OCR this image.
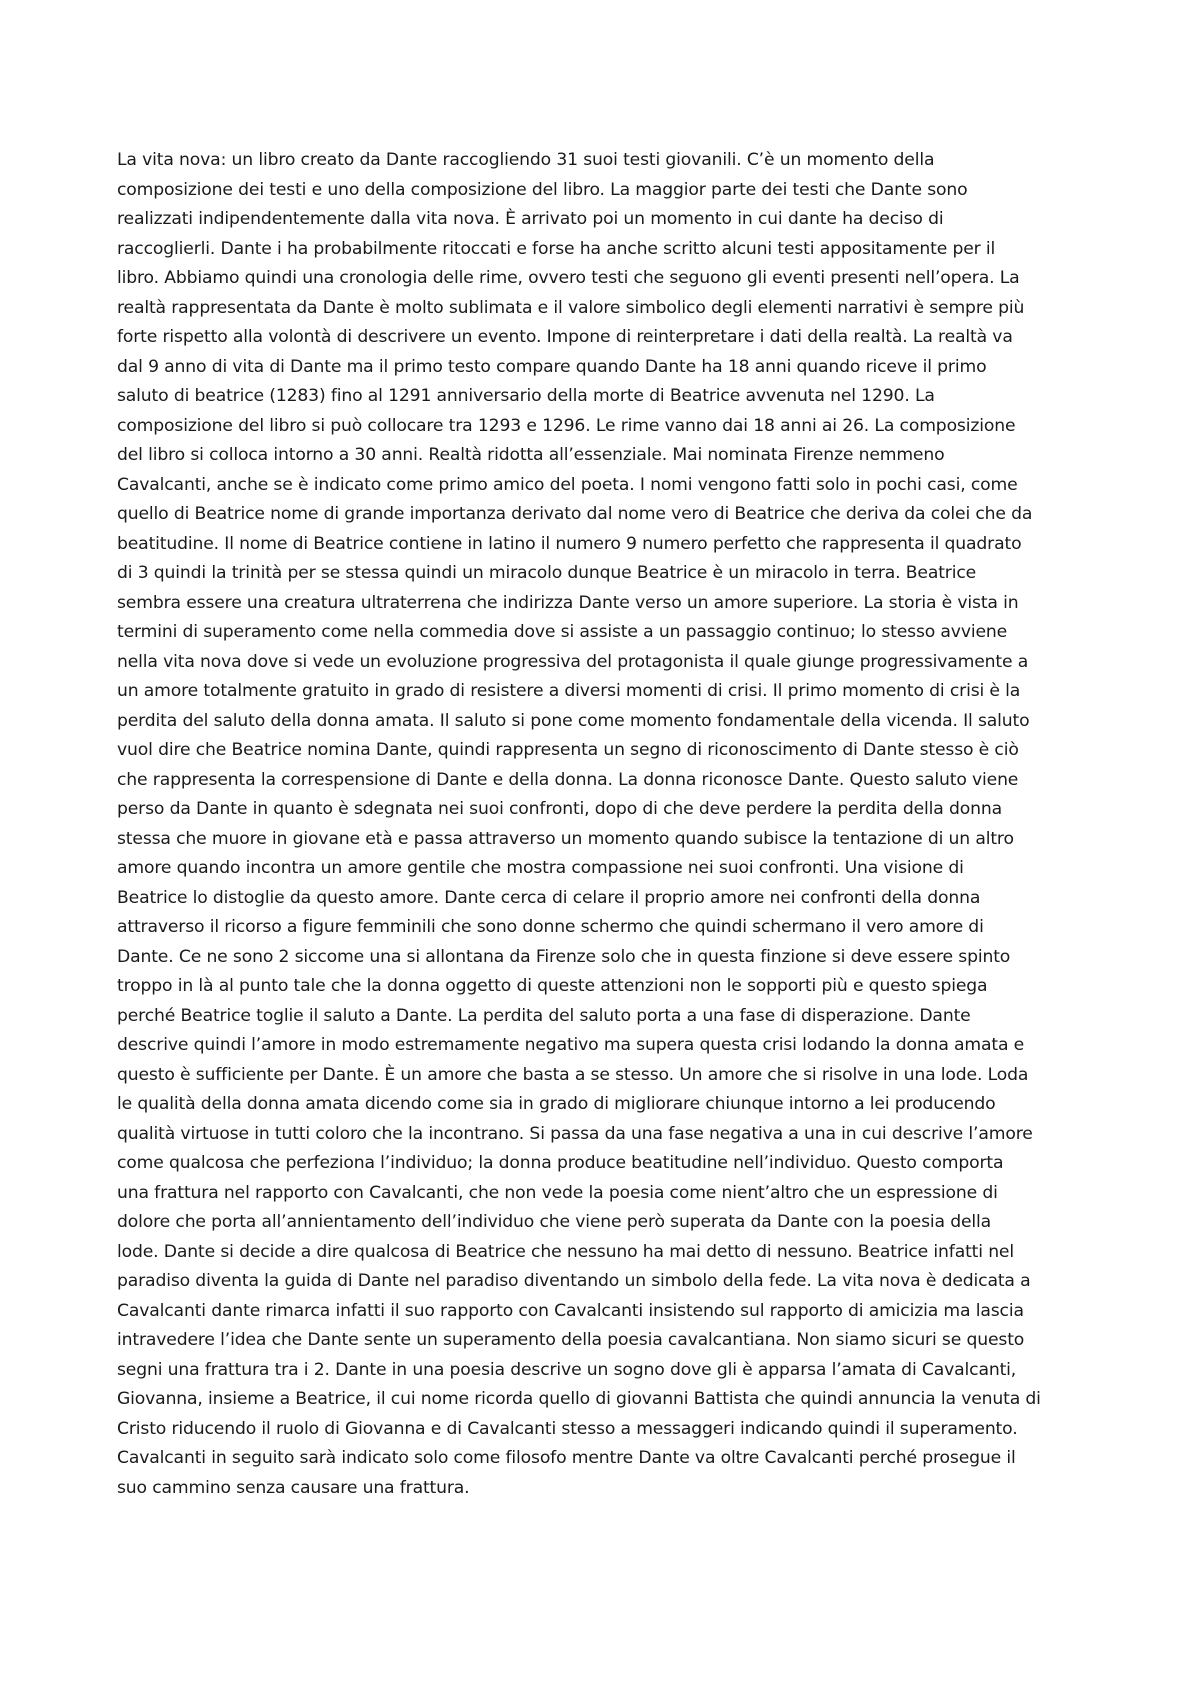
La vita nova: un libro creato da Dante raccogliendo 31 suoi testi giovanili. C’è un momento della
composizione dei testi e uno della composizione del libro. La maggior parte dei testi che Dante sono
realizzati indipendentemente dalla vita nova. È arrivato poi un momento in cui dante ha deciso di
raccoglierli. Dante i ha probabilmente ritoccati e forse ha anche scritto alcuni testi appositamente per il
libro. Abbiamo quindi una cronologia delle rime, ovvero testi che seguono gli eventi presenti nell’opera. La
realtà rappresentata da Dante è molto sublimata e il valore simbolico degli elementi narrativi è sempre più
forte rispetto alla volontà di descrivere un evento. Impone di reinterpretare i dati della realtà. La realtà va
dal 9 anno di vita di Dante ma il primo testo compare quando Dante ha 18 anni quando riceve il primo
saluto di beatrice (1283) fino al 1291 anniversario della morte di Beatrice avvenuta nel 1290. La
composizione del libro si può collocare tra 1293 e 1296. Le rime vanno dai 18 anni ai 26. La composizione
del libro si colloca intorno a 30 anni. Realtà ridotta all’essenziale. Mai nominata Firenze nemmeno
Cavalcanti, anche se è indicato come primo amico del poeta. I nomi vengono fatti solo in pochi casi, come
quello di Beatrice nome di grande importanza derivato dal nome vero di Beatrice che deriva da colei che da
beatitudine. Il nome di Beatrice contiene in latino il numero 9 numero perfetto che rappresenta il quadrato
di 3 quindi la trinità per se stessa quindi un miracolo dunque Beatrice è un miracolo in terra. Beatrice
sembra essere una creatura ultraterrena che indirizza Dante verso un amore superiore. La storia è vista in
termini di superamento come nella commedia dove si assiste a un passaggio continuo; lo stesso avviene
nella vita nova dove si vede un evoluzione progressiva del protagonista il quale giunge progressivamente a
un amore totalmente gratuito in grado di resistere a diversi momenti di crisi. Il primo momento di crisi è la
perdita del saluto della donna amata. Il saluto si pone come momento fondamentale della vicenda. Il saluto
vuol dire che Beatrice nomina Dante, quindi rappresenta un segno di riconoscimento di Dante stesso è ciò
che rappresenta la correspensione di Dante e della donna. La donna riconosce Dante. Questo saluto viene
perso da Dante in quanto è sdegnata nei suoi confronti, dopo di che deve perdere la perdita della donna
stessa che muore in giovane età e passa attraverso un momento quando subisce la tentazione di un altro
amore quando incontra un amore gentile che mostra compassione nei suoi confronti. Una visione di
Beatrice lo distoglie da questo amore. Dante cerca di celare il proprio amore nei confronti della donna
attraverso il ricorso a figure femminili che sono donne schermo che quindi schermano il vero amore di
Dante. Ce ne sono 2 siccome una si allontana da Firenze solo che in questa finzione si deve essere spinto
troppo in là al punto tale che la donna oggetto di queste attenzioni non le sopporti più e questo spiega
perché Beatrice toglie il saluto a Dante. La perdita del saluto porta a una fase di disperazione. Dante
descrive quindi l’amore in modo estremamente negativo ma supera questa crisi lodando la donna amata e
questo è sufficiente per Dante. È un amore che basta a se stesso. Un amore che si risolve in una lode. Loda
le qualità della donna amata dicendo come sia in grado di migliorare chiunque intorno a lei producendo
qualità virtuose in tutti coloro che la incontrano. Si passa da una fase negativa a una in cui descrive l’amore
come qualcosa che perfeziona l’individuo; la donna produce beatitudine nell’individuo. Questo comporta
una frattura nel rapporto con Cavalcanti, che non vede la poesia come nient’altro che un espressione di
dolore che porta all’annientamento dell’individuo che viene però superata da Dante con la poesia della
lode. Dante si decide a dire qualcosa di Beatrice che nessuno ha mai detto di nessuno. Beatrice infatti nel
paradiso diventa la guida di Dante nel paradiso diventando un simbolo della fede. La vita nova è dedicata a
Cavalcanti dante rimarca infatti il suo rapporto con Cavalcanti insistendo sul rapporto di amicizia ma lascia
intravedere l’idea che Dante sente un superamento della poesia cavalcantiana. Non siamo sicuri se questo
segni una frattura tra i 2. Dante in una poesia descrive un sogno dove gli è apparsa l’amata di Cavalcanti,
Giovanna, insieme a Beatrice, il cui nome ricorda quello di giovanni Battista che quindi annuncia la venuta di
Cristo riducendo il ruolo di Giovanna e di Cavalcanti stesso a messaggeri indicando quindi il superamento.
Cavalcanti in seguito sarà indicato solo come filosofo mentre Dante va oltre Cavalcanti perché prosegue il
suo cammino senza causare una frattura.
